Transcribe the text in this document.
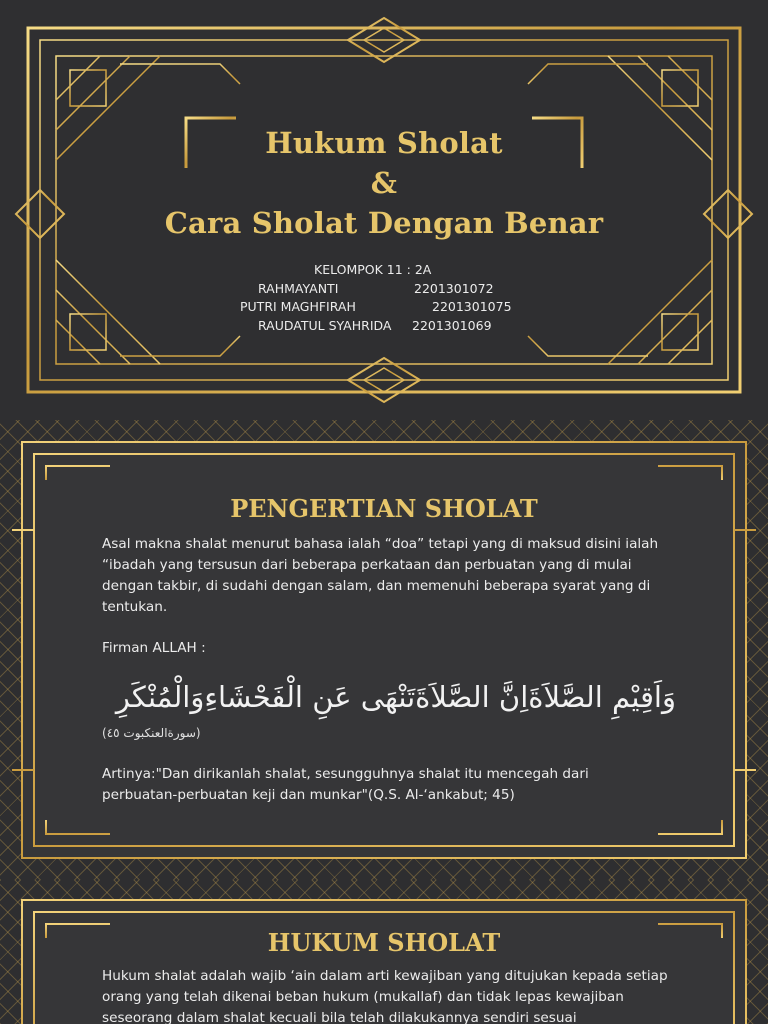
Hukum Sholat
&
Cara Sholat Dengan Benar
KELOMPOK 11 : 2A
RAHMAYANTI	2201301072
PUTRI MAGHFIRAH	2201301075
RAUDATUL SYAHRIDA 2201301069
PENGERTIAN SHOLAT
Asal makna shalat menurut bahasa ialah “doa” tetapi yang di maksud disini ialah “ibadah yang tersusun dari beberapa perkataan dan perbuatan yang di mulai dengan takbir, di sudahi dengan salam, dan memenuhi beberapa syarat yang di tentukan.
Firman ALLAH :
وَاَقِيْمِ الصَّلاَةَاِنَّ الصَّلاَةَتَنْهَى عَنِ الْفَحْشَاءِوَالْمُنْكَرِ
(سورةالعنكبوت ٤٥)
Artinya:"Dan dirikanlah shalat, sesungguhnya shalat itu mencegah dari perbuatan-perbuatan keji dan munkar"(Q.S. Al-‘ankabut; 45)
HUKUM SHOLAT
Hukum shalat adalah wajib ‘ain dalam arti kewajiban yang ditujukan kepada setiap orang yang telah dikenai beban hukum (mukallaf) dan tidak lepas kewajiban seseorang dalam shalat kecuali bila telah dilakukannya sendiri sesuai
